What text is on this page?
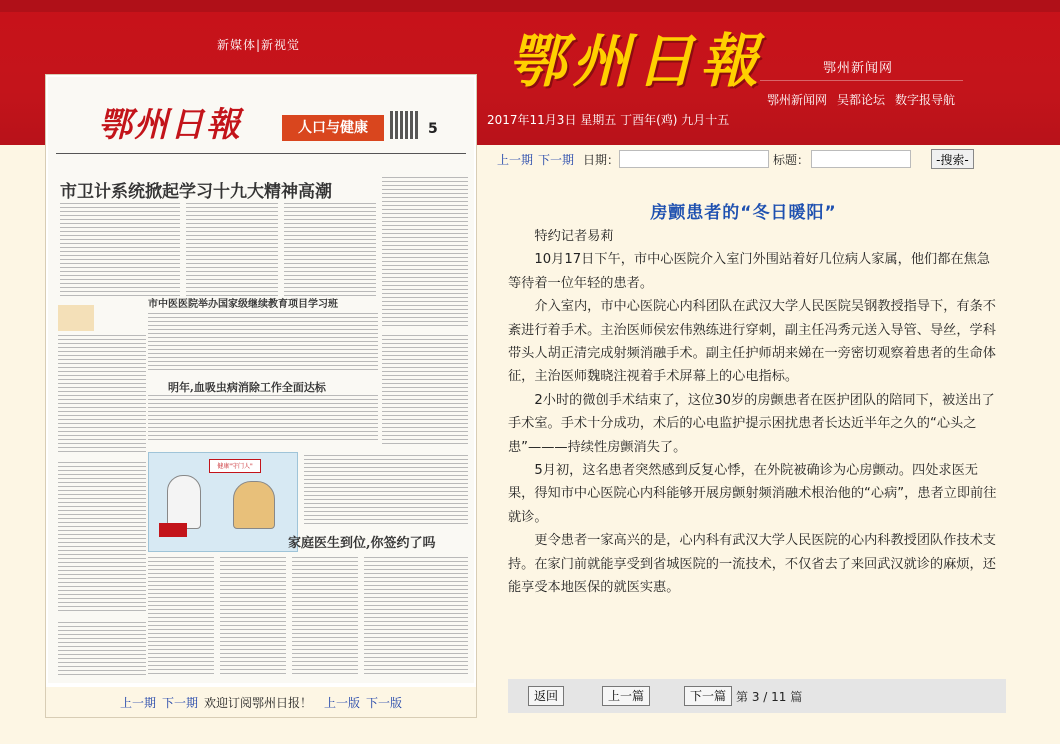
新媒体|新视觉	鄂州日報	鄂州新闻网
鄂州新闻网 吴都论坛 数字报导航
2017年11月3日 星期五 丁酉年(鸡) 九月十五
鄂州日報	人口与健康	5
市卫计系统掀起学习十九大精神高潮
市中医医院举办国家级继续教育项目学习班
明年,血吸虫病消除工作全面达标
健康"守门人"
家庭医生到位,你签约了吗
上一期 下一期 欢迎订阅鄂州日报！ 上一版 下一版
上一期 下一期 日期：	标题：	-搜索-
房颤患者的“冬日暖阳”

特约记者易莉

10月17日下午，市中心医院介入室门外围站着好几位病人家属，他们都在焦急等待着一位年轻的患者。

介入室内，市中心医院心内科团队在武汉大学人民医院吴钢教授指导下，有条不紊进行着手术。主治医师侯宏伟熟练进行穿刺，副主任冯秀元送入导管、导丝，学科带头人胡正清完成射频消融手术。副主任护师胡来娣在一旁密切观察着患者的生命体征，主治医师魏晓注视着手术屏幕上的心电指标。

2小时的微创手术结束了，这位30岁的房颤患者在医护团队的陪同下，被送出了手术室。手术十分成功，术后的心电监护提示困扰患者长达近半年之久的“心头之患”———持续性房颤消失了。

5月初，这名患者突然感到反复心悸，在外院被确诊为心房颤动。四处求医无果，得知市中心医院心内科能够开展房颤射频消融术根治他的“心病”，患者立即前往就诊。

更令患者一家高兴的是，心内科有武汉大学人民医院的心内科教授团队作技术支持。在家门前就能享受到省城医院的一流技术，不仅省去了来回武汉就诊的麻烦，还能享受本地医保的就医实惠。

返回	上一篇	下一篇 第 3 / 11 篇
